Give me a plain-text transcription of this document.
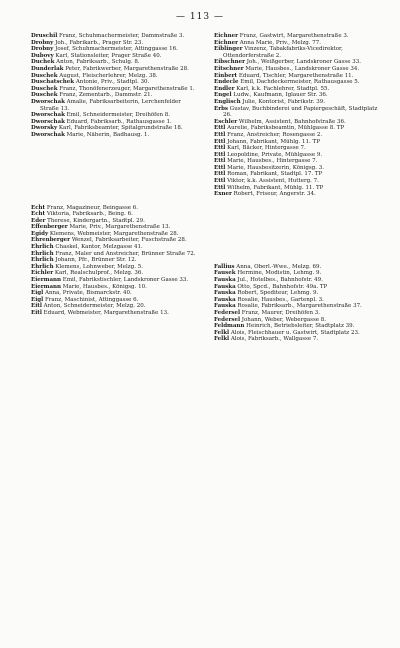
— 113 —

Druschil Franz, Schuhmachermeister, Dammstraße 3.

Drobny Joh., Fabrikarb., Prager Str. 23.

Drobny Josef, Schuhmachermeister, Attinggasse 16.

Dubovy Karl, Stationsleiter, Prager Straße 40.

Duchek Anton, Fabriksarb., Schulg. 8.

Dunderlak Peter, Fabrikwerber, Margarethenstraße 28.

Duschek August, Fleischerlehrer, Melzg. 38.

Duschatschek Antonie, Priv., Stadtpl. 30.

Duschek Franz, Thonöfenerzeuger, Margarethenstraße 1.

Duschek Franz, Zementarb., Dammstr. 21.

Dworschak Amalie, Fabriksarbeiterin, Lerchenfelder Straße 13.

Dworschak Emil, Schneidermeister, Dreihöfen 8.

Dworschak Eduard, Fabriksarb., Rathausgasse 1.

Dworsky Karl, Fabriksbeamter, Spitalgrundstraße 18.

Dworschak Marie, Näherin, Badhausg. 1.

Echt Franz, Magazineur, Beingasse 6.

Echt Viktoria, Fabriksarb., Being. 6.

Eder Therese, Kindergartn., Stadtpl. 29.

Effenberger Marie, Priv., Margarethenstraße 13.

Egidy Klemens, Webmeister, Margarethenstraße 28.

Ehrenberger Wenzel, Fabriksarbeiter, Fuschstraße 28.

Ehrlich Chaskel, Kantor, Melzgasse 41.

Ehrlich Franz, Maler und Anstreicher, Brünner Straße 72.

Ehrlich Johann, Pfr., Brünner Str. 12.

Ehrlich Klemens, Lohnweber, Melzg. 5.

Eichler Karl, Realschulprof., Melzg. 36.

Eiermann Emil, Fabrikstischler, Landskroner Gasse 33.

Eiermann Marie, Hausbes., Königsg. 10.

Eigl Anna, Private, Bismarckstr. 40.

Eigl Franz, Maschinist, Attinggasse 6.

Eitl Anton, Schneidermeister, Melzg. 20.

Eitl Eduard, Webmeister, Margarethenstraße 13.

Eichner Franz, Gastwirt, Margarethenstraße 3.

Eichner Anna Marie, Priv., Melzg. 77.

Eiblinger Vinzenz, Tabakfabriks-Vicedirektor, Ottendorferstraße 2.

Eibschner Joh., Weißgerber, Landskroner Gasse 33.

Eitschner Marie, Hausbes., Landskroner Gasse 34.

Einbert Eduard, Tischler, Margarethenstraße 11.

Endecle Emil, Dachdeckermeister, Rathausgasse 5.

Endler Karl, k.k. Fachlehrer, Stadtpl. 55.

Engel Ludw., Kaufmann, Iglauer Str. 36.

Englisch Julie, Kontorist, Fabrikstr. 39.

Erbs Gustav, Buchbinderei und Papiergeschäft, Stadtplatz 26.

Eschler Wilhelm, Assistent, Bahnhofstraße 36.

Ettl Aurelie, Fabriksbeamtin, Mühlgasse 8. TP

Ettl Franz, Anstreicher, Rosengasse 2.

Ettl Johann, Fabrikant, Mühlg. 11. TP

Ettl Karl, Bäcker, Hintergasse 7.

Ettl Leopoldine, Private, Mühlgasse 9.

Ettl Marie, Hausbes., Hintergasse 7.

Ettl Marie, Hausbesitzerin, Königsg. 3.

Ettl Roman, Fabrikant, Stadtpl. 17. TP

Ettl Viktor, k.k. Assistent, Hutterg. 7.

Ettl Wilhelm, Fabrikant, Mühlg. 11. TP

Exner Robert, Friseur, Angerstr. 34.

Fallius Anna, Oberl.-Wwe., Melzg. 69.

Fausek Hermine, Modistin, Lehmg. 9.

Fauska Jul., Hotelbes., Bahnhofstr. 49.

Fauska Otto, Spcd., Bahnhofstr. 49a. TP

Fauska Robert, Spediteur, Lehmg. 9.

Fauska Rosalie, Hausbes., Gartenpl. 3.

Fauska Rosalie, Fabriksarb., Margarethenstraße 37.

Federsel Franz, Maurer, Dreihöfen 3.

Federsel Johann, Weber, Webergasse 8.

Feldmann Heinrich, Betriebsleiter, Stadtplatz 39.

Felkl Alois, Fleischhauer u. Gastwirt, Stadtplatz 23.

Felkl Alois, Fabriksarb., Wallgasse 7.
